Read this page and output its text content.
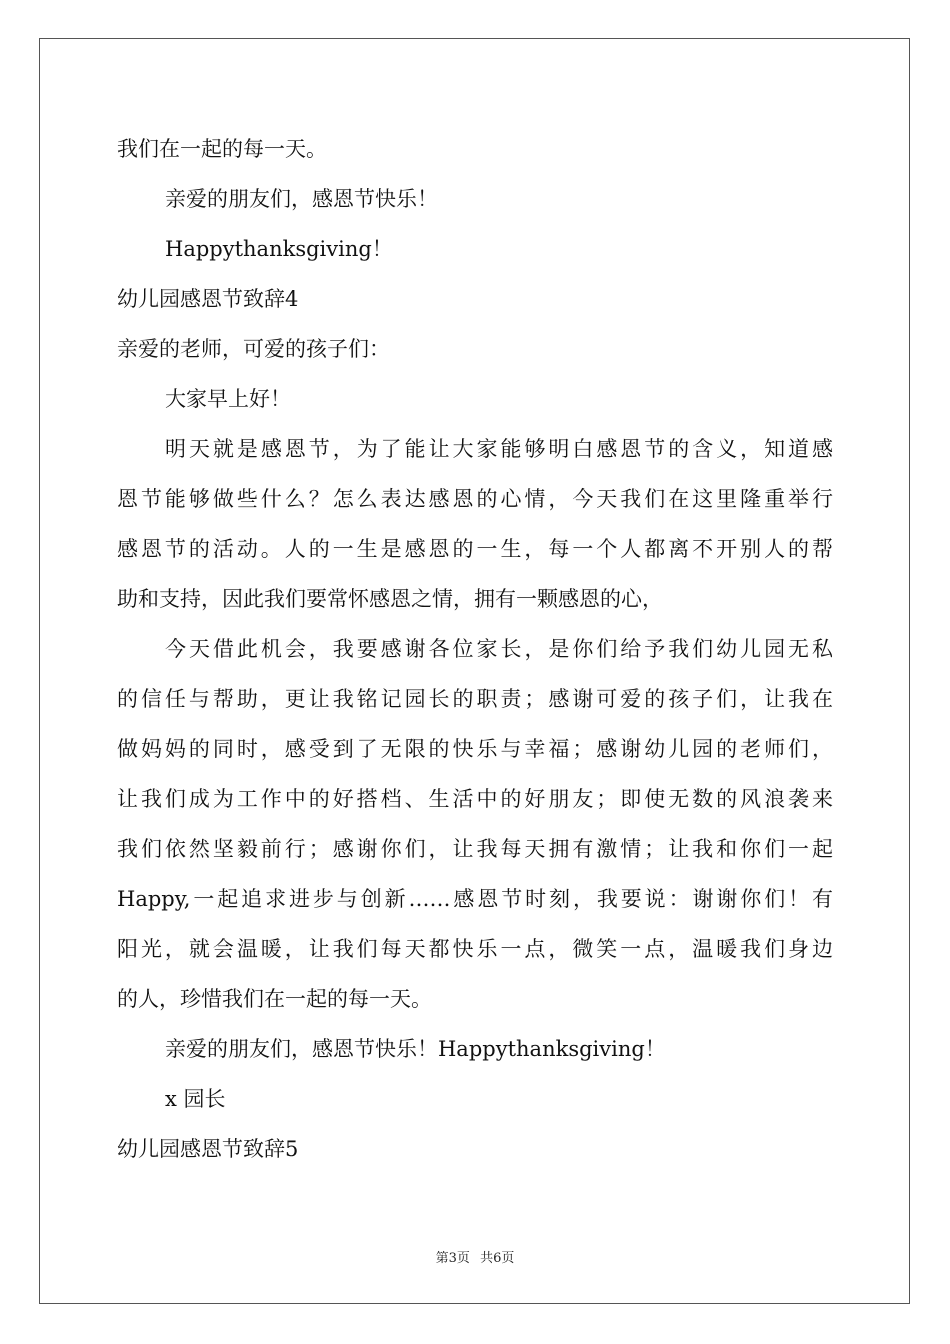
我们在一起的每一天。

亲爱的朋友们，感恩节快乐！

Happythanksgiving！

幼儿园感恩节致辞4

亲爱的老师，可爱的孩子们：

大家早上好！

明天就是感恩节，为了能让大家能够明白感恩节的含义，知道感

恩节能够做些什么？怎么表达感恩的心情，今天我们在这里隆重举行

感恩节的活动。人的一生是感恩的一生，每一个人都离不开别人的帮

助和支持，因此我们要常怀感恩之情，拥有一颗感恩的心，

今天借此机会，我要感谢各位家长，是你们给予我们幼儿园无私

的信任与帮助，更让我铭记园长的职责；感谢可爱的孩子们，让我在

做妈妈的同时，感受到了无限的快乐与幸福；感谢幼儿园的老师们，

让我们成为工作中的好搭档、生活中的好朋友；即使无数的风浪袭来

我们依然坚毅前行；感谢你们，让我每天拥有激情；让我和你们一起

Happy,一起追求进步与创新……感恩节时刻，我要说：谢谢你们！有

阳光，就会温暖，让我们每天都快乐一点，微笑一点，温暖我们身边

的人，珍惜我们在一起的每一天。

亲爱的朋友们，感恩节快乐！Happythanksgiving！

x 园长

幼儿园感恩节致辞5

第3页 共6页
